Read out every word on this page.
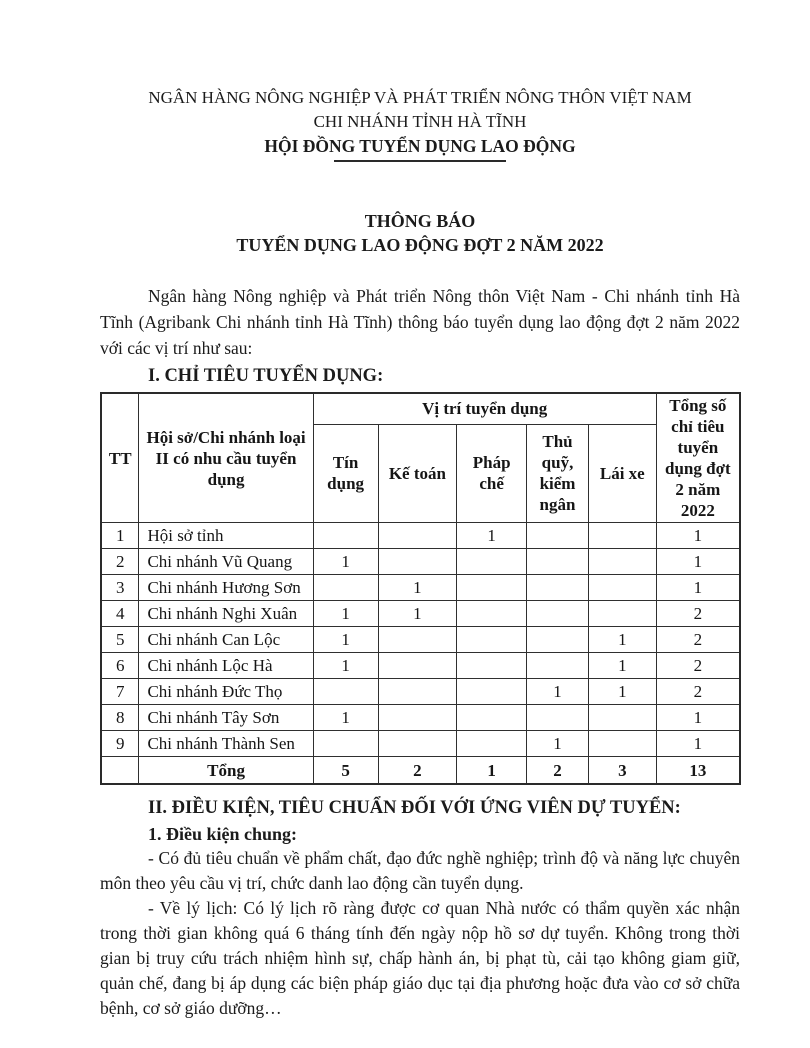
NGÂN HÀNG NÔNG NGHIỆP VÀ PHÁT TRIỂN NÔNG THÔN VIỆT NAM
CHI NHÁNH TỈNH HÀ TĨNH
HỘI ĐỒNG TUYỂN DỤNG LAO ĐỘNG
THÔNG BÁO
TUYỂN DỤNG LAO ĐỘNG ĐỢT 2 NĂM 2022

Ngân hàng Nông nghiệp và Phát triển Nông thôn Việt Nam - Chi nhánh tỉnh Hà Tĩnh (Agribank Chi nhánh tỉnh Hà Tĩnh) thông báo tuyển dụng lao động đợt 2 năm 2022 với các vị trí như sau:

I. CHỈ TIÊU TUYỂN DỤNG:

TT	Hội sở/Chi nhánh loại II có nhu cầu tuyển dụng	Vị trí tuyển dụng					Tổng số chỉ tiêu tuyển dụng đợt 2 năm 2022
		Tín dụng	Kế toán	Pháp chế	Thủ quỹ, kiểm ngân	Lái xe	
1	Hội sở tỉnh			1			1
2	Chi nhánh Vũ Quang	1					1
3	Chi nhánh Hương Sơn		1				1
4	Chi nhánh Nghi Xuân	1	1				2
5	Chi nhánh Can Lộc	1				1	2
6	Chi nhánh Lộc Hà	1				1	2
7	Chi nhánh Đức Thọ				1	1	2
8	Chi nhánh Tây Sơn	1					1
9	Chi nhánh Thành Sen				1		1
	Tổng	5	2	1	2	3	13

II. ĐIỀU KIỆN, TIÊU CHUẨN ĐỐI VỚI ỨNG VIÊN DỰ TUYỂN:

1. Điều kiện chung:

- Có đủ tiêu chuẩn về phẩm chất, đạo đức nghề nghiệp; trình độ và năng lực chuyên môn theo yêu cầu vị trí, chức danh lao động cần tuyển dụng.

- Về lý lịch: Có lý lịch rõ ràng được cơ quan Nhà nước có thẩm quyền xác nhận trong thời gian không quá 6 tháng tính đến ngày nộp hồ sơ dự tuyển. Không trong thời gian bị truy cứu trách nhiệm hình sự, chấp hành án, bị phạt tù, cải tạo không giam giữ, quản chế, đang bị áp dụng các biện pháp giáo dục tại địa phương hoặc đưa vào cơ sở chữa bệnh, cơ sở giáo dưỡng…
